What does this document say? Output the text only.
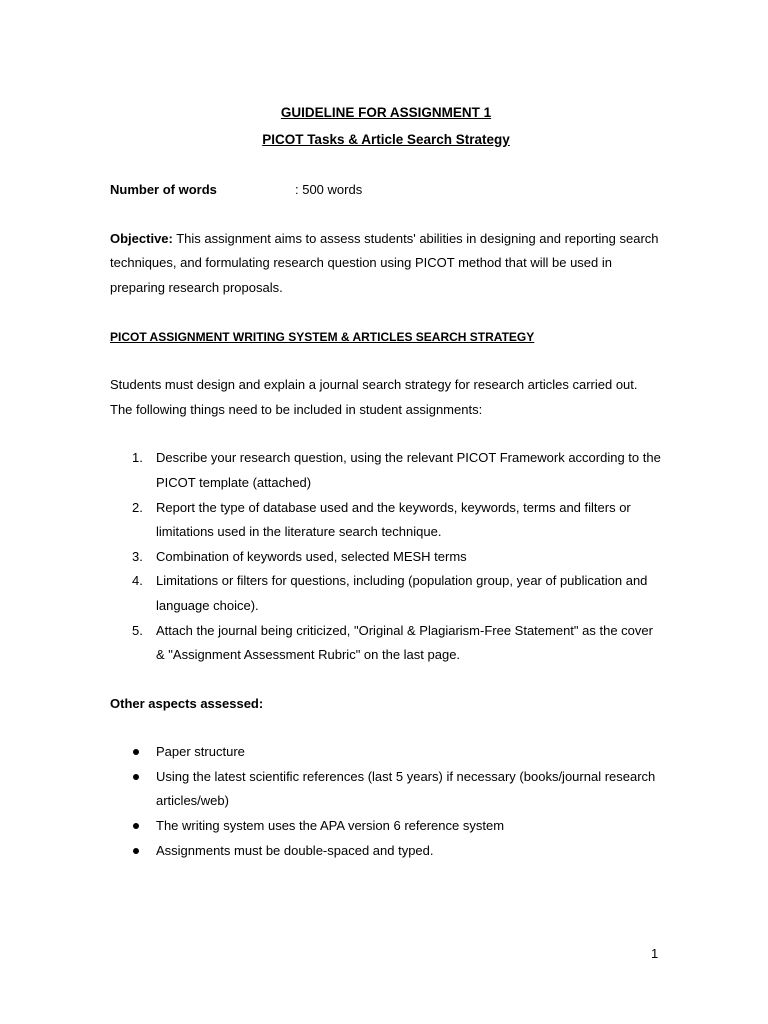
GUIDELINE FOR ASSIGNMENT 1

PICOT Tasks & Article Search Strategy

Number of words	: 500 words

Objective: This assignment aims to assess students' abilities in designing and reporting search techniques, and formulating research question using PICOT method that will be used in preparing research proposals.

PICOT ASSIGNMENT WRITING SYSTEM & ARTICLES SEARCH STRATEGY

Students must design and explain a journal search strategy for research articles carried out. The following things need to be included in student assignments:

1. Describe your research question, using the relevant PICOT Framework according to the PICOT template (attached)
2. Report the type of database used and the keywords, keywords, terms and filters or limitations used in the literature search technique.
3. Combination of keywords used, selected MESH terms
4. Limitations or filters for questions, including (population group, year of publication and language choice).
5. Attach the journal being criticized, "Original & Plagiarism-Free Statement" as the cover & "Assignment Assessment Rubric" on the last page.

Other aspects assessed:

Paper structure
Using the latest scientific references (last 5 years) if necessary (books/journal research articles/web)
The writing system uses the APA version 6 reference system
Assignments must be double-spaced and typed.
1
